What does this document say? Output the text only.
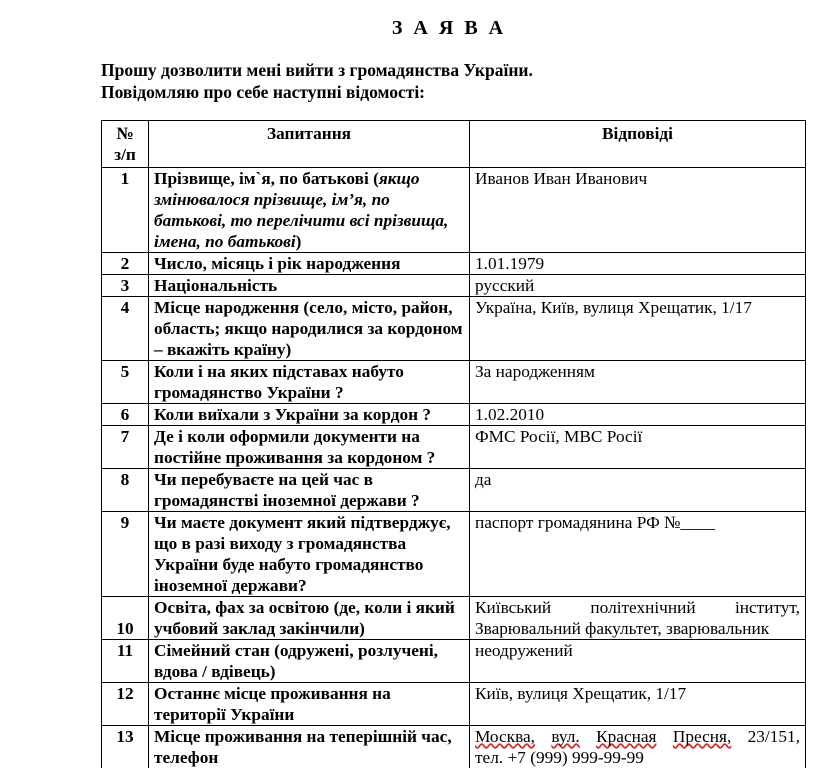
З А Я В А
Прошу дозволити мені вийти з громадянства України.
Повідомляю про себе наступні відомості:
№
з/п	Запитання	Відповіді
1	Прізвище, ім`я, по батькові (якщо змінювалося прізвище, ім’я, по батькові, то перелічити всі прізвища, імена, по батькові)	Иванов Иван Иванович
2	Число, місяць і рік народження	1.01.1979
3	Національність	русский
4	Місце народження (село, місто, район, область; якщо народилися за кордоном – вкажіть країну)	Україна, Київ, вулиця Хрещатик, 1/17
5	Коли і на яких підставах набуто громадянство України ?	За народженням
6	Коли виїхали з України за кордон ?	1.02.2010
7	Де і коли оформили документи на постійне проживання за кордоном ?	ФМС Росії, МВС Росії
8	Чи перебуваєте на цей час в громадянстві іноземної держави ?	да
9	Чи маєте документ який підтверджує, що в разі виходу з громадянства України буде набуто громадянство іноземної держави?	паспорт громадянина РФ №____
10	Освіта, фах за освітою (де, коли і який учбовий заклад закінчили)	Київський політехнічний інститут,
Зварювальний факультет, зварювальник

11	Сімейний стан (одружені, розлучені, вдова / вдівець)	неодружений
12	Останнє місце проживання на території України	Київ, вулиця Хрещатик, 1/17
13	Місце проживання на теперішній час, телефон	Москва, вул. Красная Пресня, 23/151,
тел. +7 (999) 999-99-99
